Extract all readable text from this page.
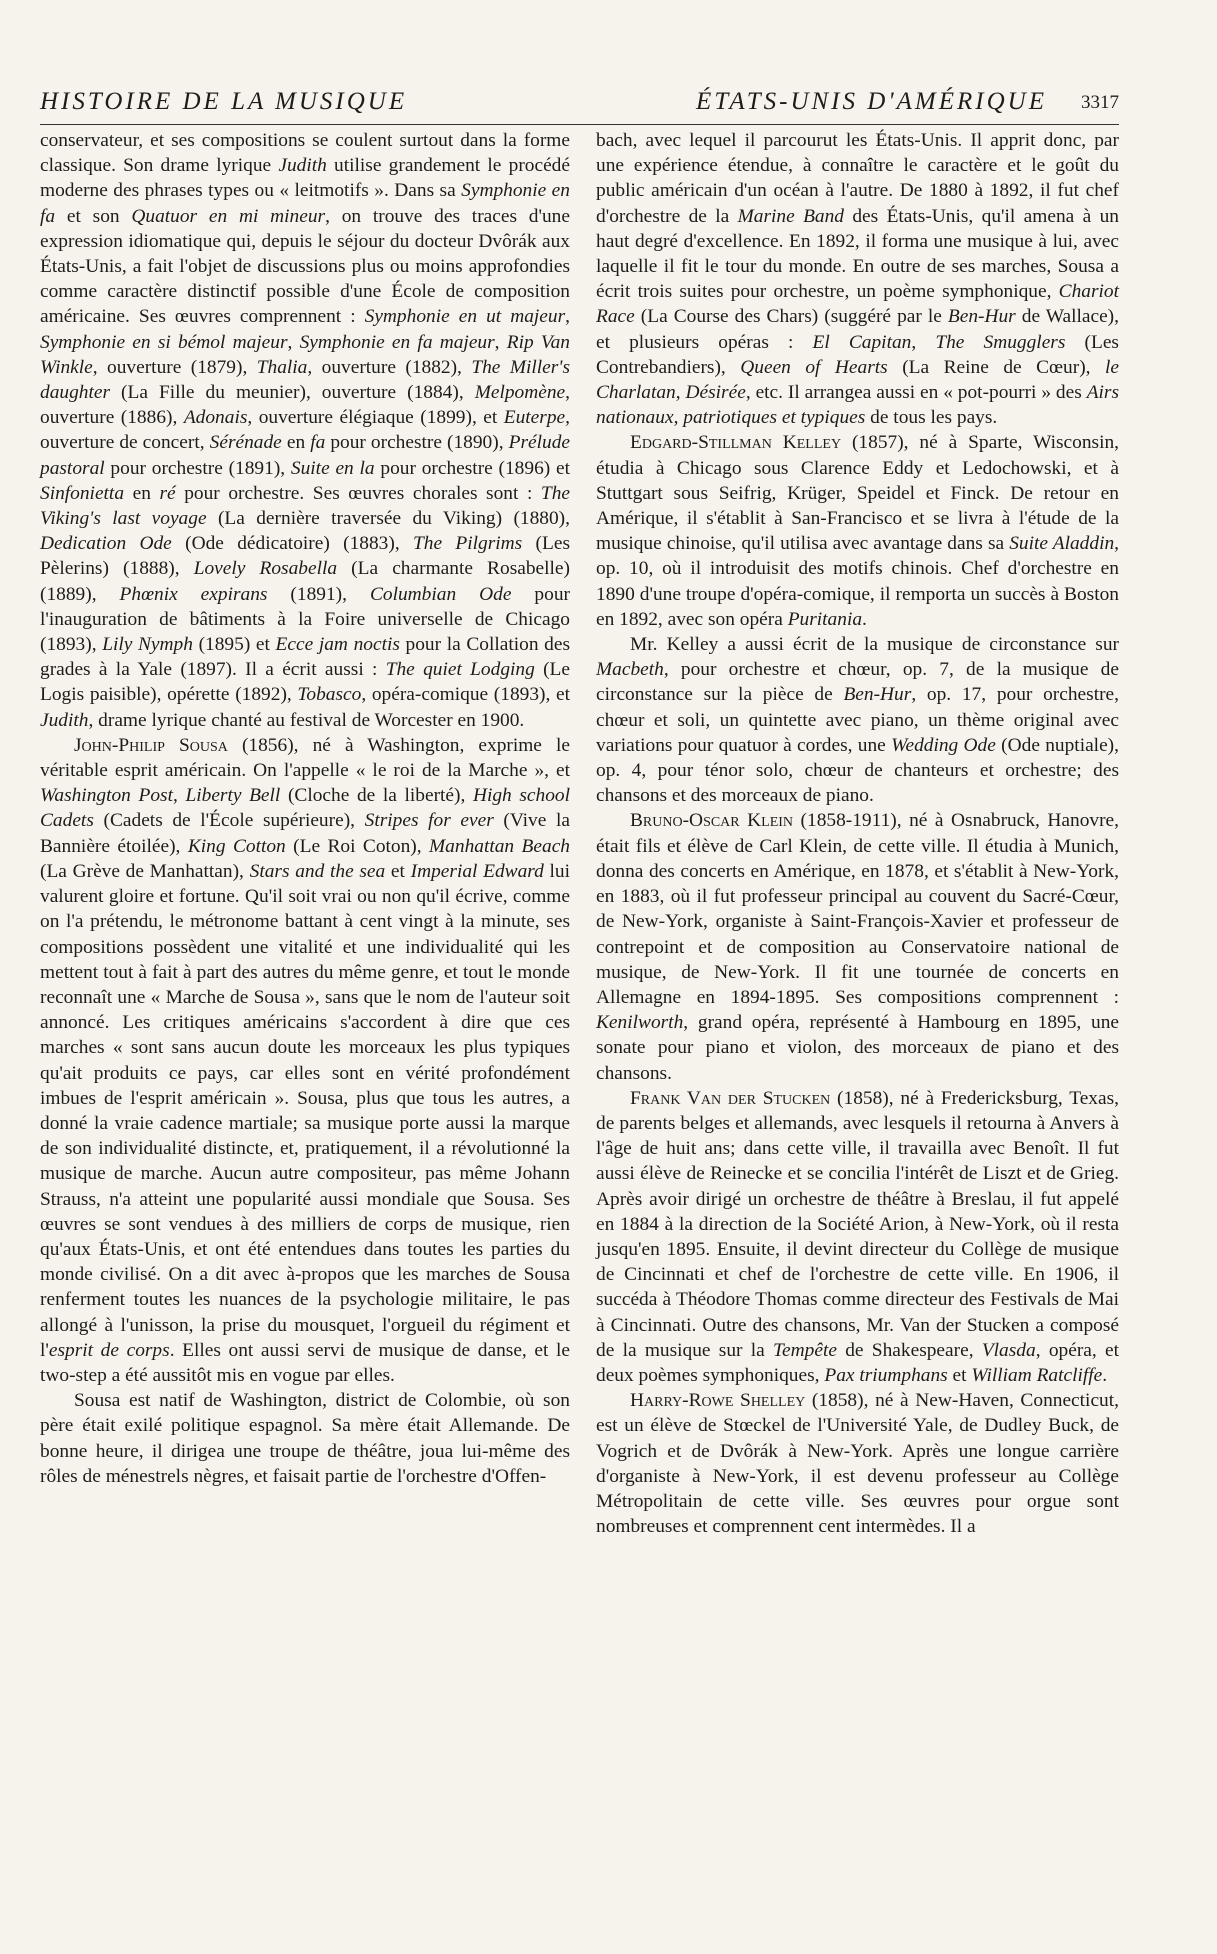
HISTOIRE DE LA MUSIQUE	ÉTATS-UNIS D'AMÉRIQUE 3317

conservateur, et ses compositions se coulent surtout dans la forme classique. Son drame lyrique Judith utilise grandement le procédé moderne des phrases types ou « leitmotifs ». Dans sa Symphonie en fa et son Quatuor en mi mineur, on trouve des traces d'une expression idiomatique qui, depuis le séjour du docteur Dvôrák aux États-Unis, a fait l'objet de discussions plus ou moins approfondies comme caractère distinctif possible d'une École de composition américaine. Ses œuvres comprennent : Symphonie en ut majeur, Symphonie en si bémol majeur, Symphonie en fa majeur, Rip Van Winkle, ouverture (1879), Thalia, ouverture (1882), The Miller's daughter (La Fille du meunier), ouverture (1884), Melpomène, ouverture (1886), Adonais, ouverture élégiaque (1899), et Euterpe, ouverture de concert, Sérénade en fa pour orchestre (1890), Prélude pastoral pour orchestre (1891), Suite en la pour orchestre (1896) et Sinfonietta en ré pour orchestre. Ses œuvres chorales sont : The Viking's last voyage (La dernière traversée du Viking) (1880), Dedication Ode (Ode dédicatoire) (1883), The Pilgrims (Les Pèlerins) (1888), Lovely Rosabella (La charmante Rosabelle) (1889), Phœnix expirans (1891), Columbian Ode pour l'inauguration de bâtiments à la Foire universelle de Chicago (1893), Lily Nymph (1895) et Ecce jam noctis pour la Collation des grades à la Yale (1897). Il a écrit aussi : The quiet Lodging (Le Logis paisible), opérette (1892), Tobasco, opéra-comique (1893), et Judith, drame lyrique chanté au festival de Worcester en 1900.

John-Philip Sousa (1856), né à Washington, exprime le véritable esprit américain. On l'appelle « le roi de la Marche », et Washington Post, Liberty Bell (Cloche de la liberté), High school Cadets (Cadets de l'École supérieure), Stripes for ever (Vive la Bannière étoilée), King Cotton (Le Roi Coton), Manhattan Beach (La Grève de Manhattan), Stars and the sea et Imperial Edward lui valurent gloire et fortune. Qu'il soit vrai ou non qu'il écrive, comme on l'a prétendu, le métronome battant à cent vingt à la minute, ses compositions possèdent une vitalité et une individualité qui les mettent tout à fait à part des autres du même genre, et tout le monde reconnaît une « Marche de Sousa », sans que le nom de l'auteur soit annoncé. Les critiques américains s'accordent à dire que ces marches « sont sans aucun doute les morceaux les plus typiques qu'ait produits ce pays, car elles sont en vérité profondément imbues de l'esprit américain ». Sousa, plus que tous les autres, a donné la vraie cadence martiale; sa musique porte aussi la marque de son individualité distincte, et, pratiquement, il a révolutionné la musique de marche. Aucun autre compositeur, pas même Johann Strauss, n'a atteint une popularité aussi mondiale que Sousa. Ses œuvres se sont vendues à des milliers de corps de musique, rien qu'aux États-Unis, et ont été entendues dans toutes les parties du monde civilisé. On a dit avec à-propos que les marches de Sousa renferment toutes les nuances de la psychologie militaire, le pas allongé à l'unisson, la prise du mousquet, l'orgueil du régiment et l'esprit de corps. Elles ont aussi servi de musique de danse, et le two-step a été aussitôt mis en vogue par elles.

Sousa est natif de Washington, district de Colombie, où son père était exilé politique espagnol. Sa mère était Allemande. De bonne heure, il dirigea une troupe de théâtre, joua lui-même des rôles de ménestrels nègres, et faisait partie de l'orchestre d'Offen-

bach, avec lequel il parcourut les États-Unis. Il apprit donc, par une expérience étendue, à connaître le caractère et le goût du public américain d'un océan à l'autre. De 1880 à 1892, il fut chef d'orchestre de la Marine Band des États-Unis, qu'il amena à un haut degré d'excellence. En 1892, il forma une musique à lui, avec laquelle il fit le tour du monde. En outre de ses marches, Sousa a écrit trois suites pour orchestre, un poème symphonique, Chariot Race (La Course des Chars) (suggéré par le Ben-Hur de Wallace), et plusieurs opéras : El Capitan, The Smugglers (Les Contrebandiers), Queen of Hearts (La Reine de Cœur), le Charlatan, Désirée, etc. Il arrangea aussi en « pot-pourri » des Airs nationaux, patriotiques et typiques de tous les pays.

Edgard-Stillman Kelley (1857), né à Sparte, Wisconsin, étudia à Chicago sous Clarence Eddy et Ledochowski, et à Stuttgart sous Seifrig, Krüger, Speidel et Finck. De retour en Amérique, il s'établit à San-Francisco et se livra à l'étude de la musique chinoise, qu'il utilisa avec avantage dans sa Suite Aladdin, op. 10, où il introduisit des motifs chinois. Chef d'orchestre en 1890 d'une troupe d'opéra-comique, il remporta un succès à Boston en 1892, avec son opéra Puritania.

Mr. Kelley a aussi écrit de la musique de circonstance sur Macbeth, pour orchestre et chœur, op. 7, de la musique de circonstance sur la pièce de Ben-Hur, op. 17, pour orchestre, chœur et soli, un quintette avec piano, un thème original avec variations pour quatuor à cordes, une Wedding Ode (Ode nuptiale), op. 4, pour ténor solo, chœur de chanteurs et orchestre; des chansons et des morceaux de piano.

Bruno-Oscar Klein (1858-1911), né à Osnabruck, Hanovre, était fils et élève de Carl Klein, de cette ville. Il étudia à Munich, donna des concerts en Amérique, en 1878, et s'établit à New-York, en 1883, où il fut professeur principal au couvent du Sacré-Cœur, de New-York, organiste à Saint-François-Xavier et professeur de contrepoint et de composition au Conservatoire national de musique, de New-York. Il fit une tournée de concerts en Allemagne en 1894-1895. Ses compositions comprennent : Kenilworth, grand opéra, représenté à Hambourg en 1895, une sonate pour piano et violon, des morceaux de piano et des chansons.

Frank Van der Stucken (1858), né à Fredericksburg, Texas, de parents belges et allemands, avec lesquels il retourna à Anvers à l'âge de huit ans; dans cette ville, il travailla avec Benoît. Il fut aussi élève de Reinecke et se concilia l'intérêt de Liszt et de Grieg. Après avoir dirigé un orchestre de théâtre à Breslau, il fut appelé en 1884 à la direction de la Société Arion, à New-York, où il resta jusqu'en 1895. Ensuite, il devint directeur du Collège de musique de Cincinnati et chef de l'orchestre de cette ville. En 1906, il succéda à Théodore Thomas comme directeur des Festivals de Mai à Cincinnati. Outre des chansons, Mr. Van der Stucken a composé de la musique sur la Tempête de Shakespeare, Vlasda, opéra, et deux poèmes symphoniques, Pax triumphans et William Ratcliffe.

Harry-Rowe Shelley (1858), né à New-Haven, Connecticut, est un élève de Stœckel de l'Université Yale, de Dudley Buck, de Vogrich et de Dvôrák à New-York. Après une longue carrière d'organiste à New-York, il est devenu professeur au Collège Métropolitain de cette ville. Ses œuvres pour orgue sont nombreuses et comprennent cent intermèdes. Il a
